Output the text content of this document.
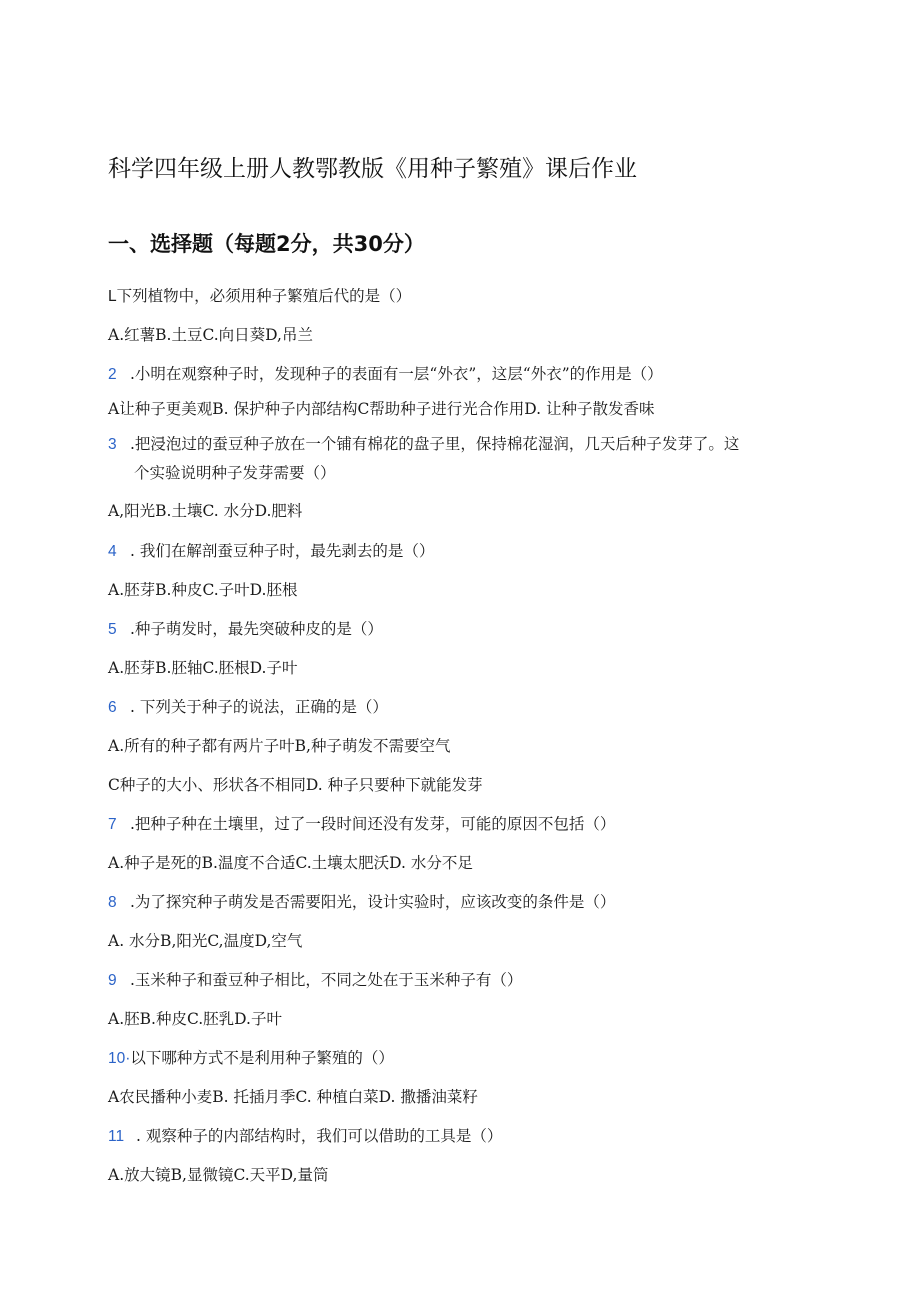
科学四年级上册人教鄂教版《用种子繁殖》课后作业
一、选择题（每题2分，共30分）
L下列植物中，必须用种子繁殖后代的是（）
A.红薯B.土豆C.向日葵D,吊兰
2 .小明在观察种子时，发现种子的表面有一层“外衣”，这层“外衣”的作用是（）
A让种子更美观B. 保护种子内部结构C帮助种子进行光合作用D. 让种子散发香味
3 .把浸泡过的蚕豆种子放在一个铺有棉花的盘子里，保持棉花湿润，几天后种子发芽了。这
个实验说明种子发芽需要（）
A,阳光B.土壤C. 水分D.肥料
4 . 我们在解剖蚕豆种子时，最先剥去的是（）
A.胚芽B.种皮C.子叶D.胚根
5 .种子萌发时，最先突破种皮的是（）
A.胚芽B.胚轴C.胚根D.子叶
6 . 下列关于种子的说法，正确的是（）
A.所有的种子都有两片子叶B,种子萌发不需要空气
C种子的大小、形状各不相同D. 种子只要种下就能发芽
7 .把种子种在土壤里，过了一段时间还没有发芽，可能的原因不包括（）
A.种子是死的B.温度不合适C.土壤太肥沃D. 水分不足
8 .为了探究种子萌发是否需要阳光，设计实验时，应该改变的条件是（）
A. 水分B,阳光C,温度D,空气
9 .玉米种子和蚕豆种子相比，不同之处在于玉米种子有（）
A.胚B.种皮C.胚乳D.子叶
10·以下哪种方式不是利用种子繁殖的（）
A农民播种小麦B. 托插月季C. 种植白菜D. 撒播油菜籽
11 . 观察种子的内部结构时，我们可以借助的工具是（）
A.放大镜B,显微镜C.天平D,量筒
